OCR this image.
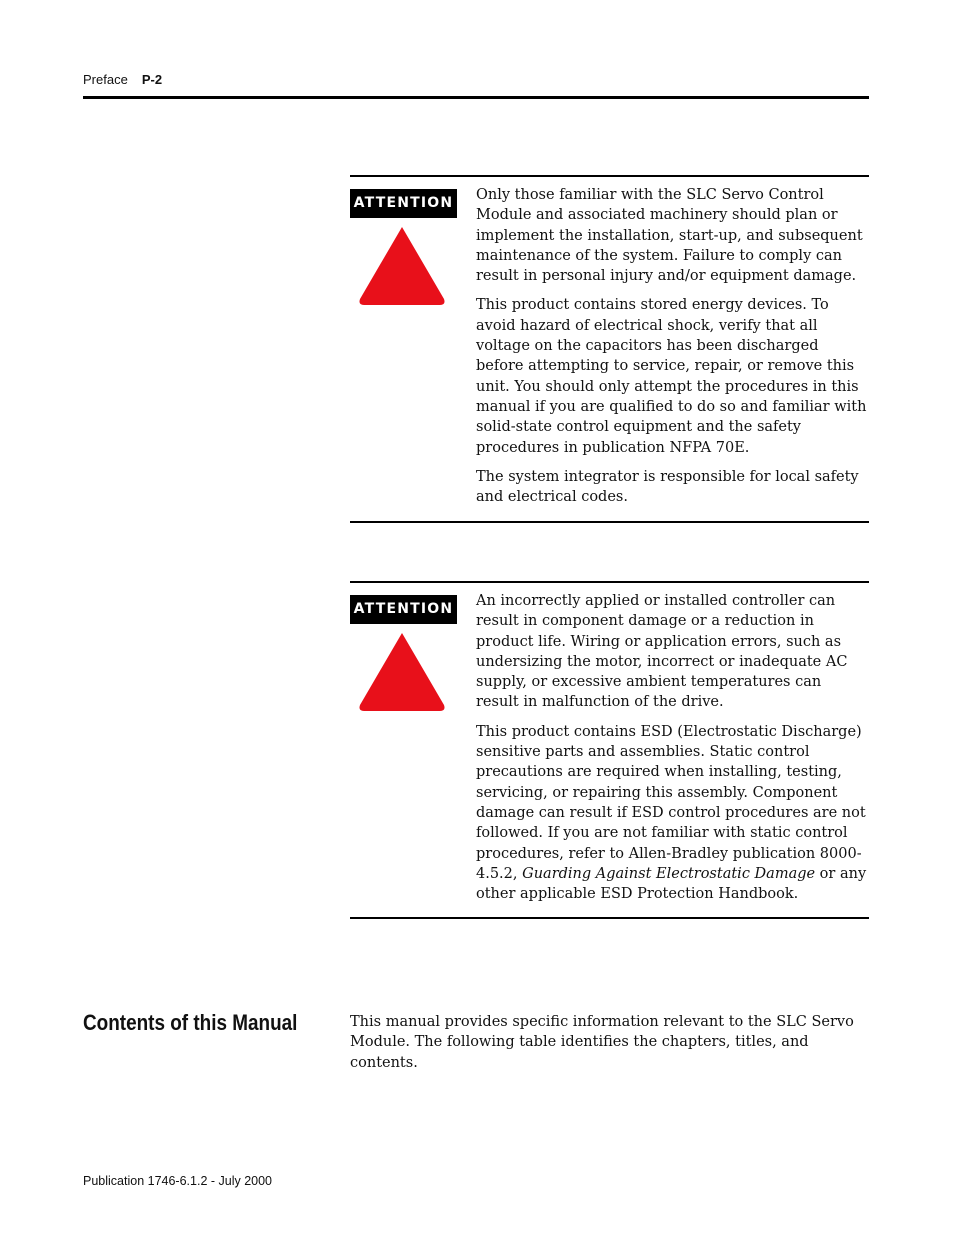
Preface P-2
ATTENTION Only those familiar with the SLC Servo Control Module and associated machinery should plan or implement the installation, start-up, and subsequent maintenance of the system. Failure to comply can result in personal injury and/or equipment damage.

This product contains stored energy devices. To avoid hazard of electrical shock, verify that all voltage on the capacitors has been discharged before attempting to service, repair, or remove this unit. You should only attempt the procedures in this manual if you are qualified to do so and familiar with solid-state control equipment and the safety procedures in publication NFPA 70E.

The system integrator is responsible for local safety and electrical codes.

ATTENTION An incorrectly applied or installed controller can result in component damage or a reduction in product life. Wiring or application errors, such as undersizing the motor, incorrect or inadequate AC supply, or excessive ambient temperatures can result in malfunction of the drive.

This product contains ESD (Electrostatic Discharge) sensitive parts and assemblies. Static control precautions are required when installing, testing, servicing, or repairing this assembly. Component damage can result if ESD control procedures are not followed. If you are not familiar with static control procedures, refer to Allen-Bradley publication 8000-4.5.2, Guarding Against Electrostatic Damage or any other applicable ESD Protection Handbook.

Contents of this Manual	This manual provides specific information relevant to the SLC Servo Module. The following table identifies the chapters, titles, and contents.

Publication 1746-6.1.2 - July 2000
